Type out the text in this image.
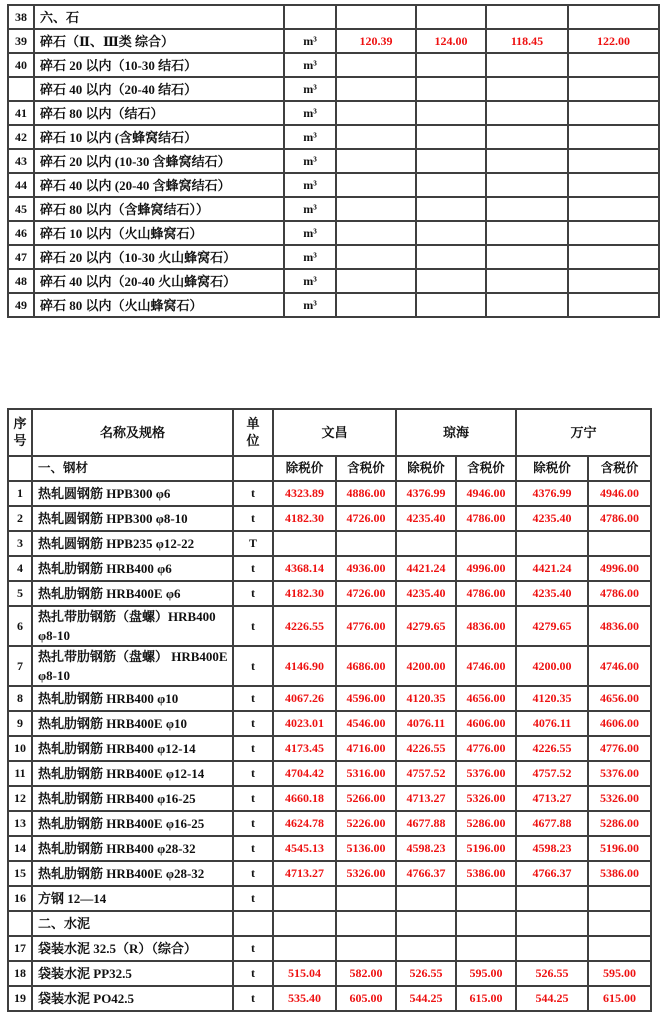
38	六、石					
39	碎石（Ⅱ、Ⅲ类 综合）	m³	120.39	124.00	118.45	122.00
40	碎石 20 以内（10-30 结石）	m³				
	碎石 40 以内（20-40 结石）	m³				
41	碎石 80 以内（结石）	m³				
42	碎石 10 以内 (含蜂窝结石）	m³				
43	碎石 20 以内 (10-30 含蜂窝结石）	m³				
44	碎石 40 以内 (20-40 含蜂窝结石）	m³				
45	碎石 80 以内（含蜂窝结石））	m³				
46	碎石 10 以内（火山蜂窝石）	m³				
47	碎石 20 以内（10-30 火山蜂窝石）	m³				
48	碎石 40 以内（20-40 火山蜂窝石）	m³				
49	碎石 80 以内（火山蜂窝石）	m³				
序号	名称及规格	单位	文昌		琼海		万宁	
	一、钢材		除税价	含税价	除税价	含税价	除税价	含税价
1	热轧圆钢筋 HPB300 φ6	t	4323.89	4886.00	4376.99	4946.00	4376.99	4946.00
2	热轧圆钢筋 HPB300 φ8-10	t	4182.30	4726.00	4235.40	4786.00	4235.40	4786.00
3	热轧圆钢筋 HPB235 φ12-22	T						
4	热轧肋钢筋 HRB400 φ6	t	4368.14	4936.00	4421.24	4996.00	4421.24	4996.00
5	热轧肋钢筋 HRB400E φ6	t	4182.30	4726.00	4235.40	4786.00	4235.40	4786.00
6	热扎带肋钢筋（盘螺）HRB400 φ8-10	t	4226.55	4776.00	4279.65	4836.00	4279.65	4836.00
7	热扎带肋钢筋（盘螺） HRB400E φ8-10	t	4146.90	4686.00	4200.00	4746.00	4200.00	4746.00
8	热轧肋钢筋 HRB400 φ10	t	4067.26	4596.00	4120.35	4656.00	4120.35	4656.00
9	热轧肋钢筋 HRB400E φ10	t	4023.01	4546.00	4076.11	4606.00	4076.11	4606.00
10	热轧肋钢筋 HRB400 φ12-14	t	4173.45	4716.00	4226.55	4776.00	4226.55	4776.00
11	热轧肋钢筋 HRB400E φ12-14	t	4704.42	5316.00	4757.52	5376.00	4757.52	5376.00
12	热轧肋钢筋 HRB400 φ16-25	t	4660.18	5266.00	4713.27	5326.00	4713.27	5326.00
13	热轧肋钢筋 HRB400E φ16-25	t	4624.78	5226.00	4677.88	5286.00	4677.88	5286.00
14	热轧肋钢筋 HRB400 φ28-32	t	4545.13	5136.00	4598.23	5196.00	4598.23	5196.00
15	热轧肋钢筋 HRB400E φ28-32	t	4713.27	5326.00	4766.37	5386.00	4766.37	5386.00
16	方钢 12—14	t						
	二、水泥							
17	袋装水泥 32.5（R）（综合）	t						
18	袋装水泥 PP32.5	t	515.04	582.00	526.55	595.00	526.55	595.00
19	袋装水泥 PO42.5	t	535.40	605.00	544.25	615.00	544.25	615.00
